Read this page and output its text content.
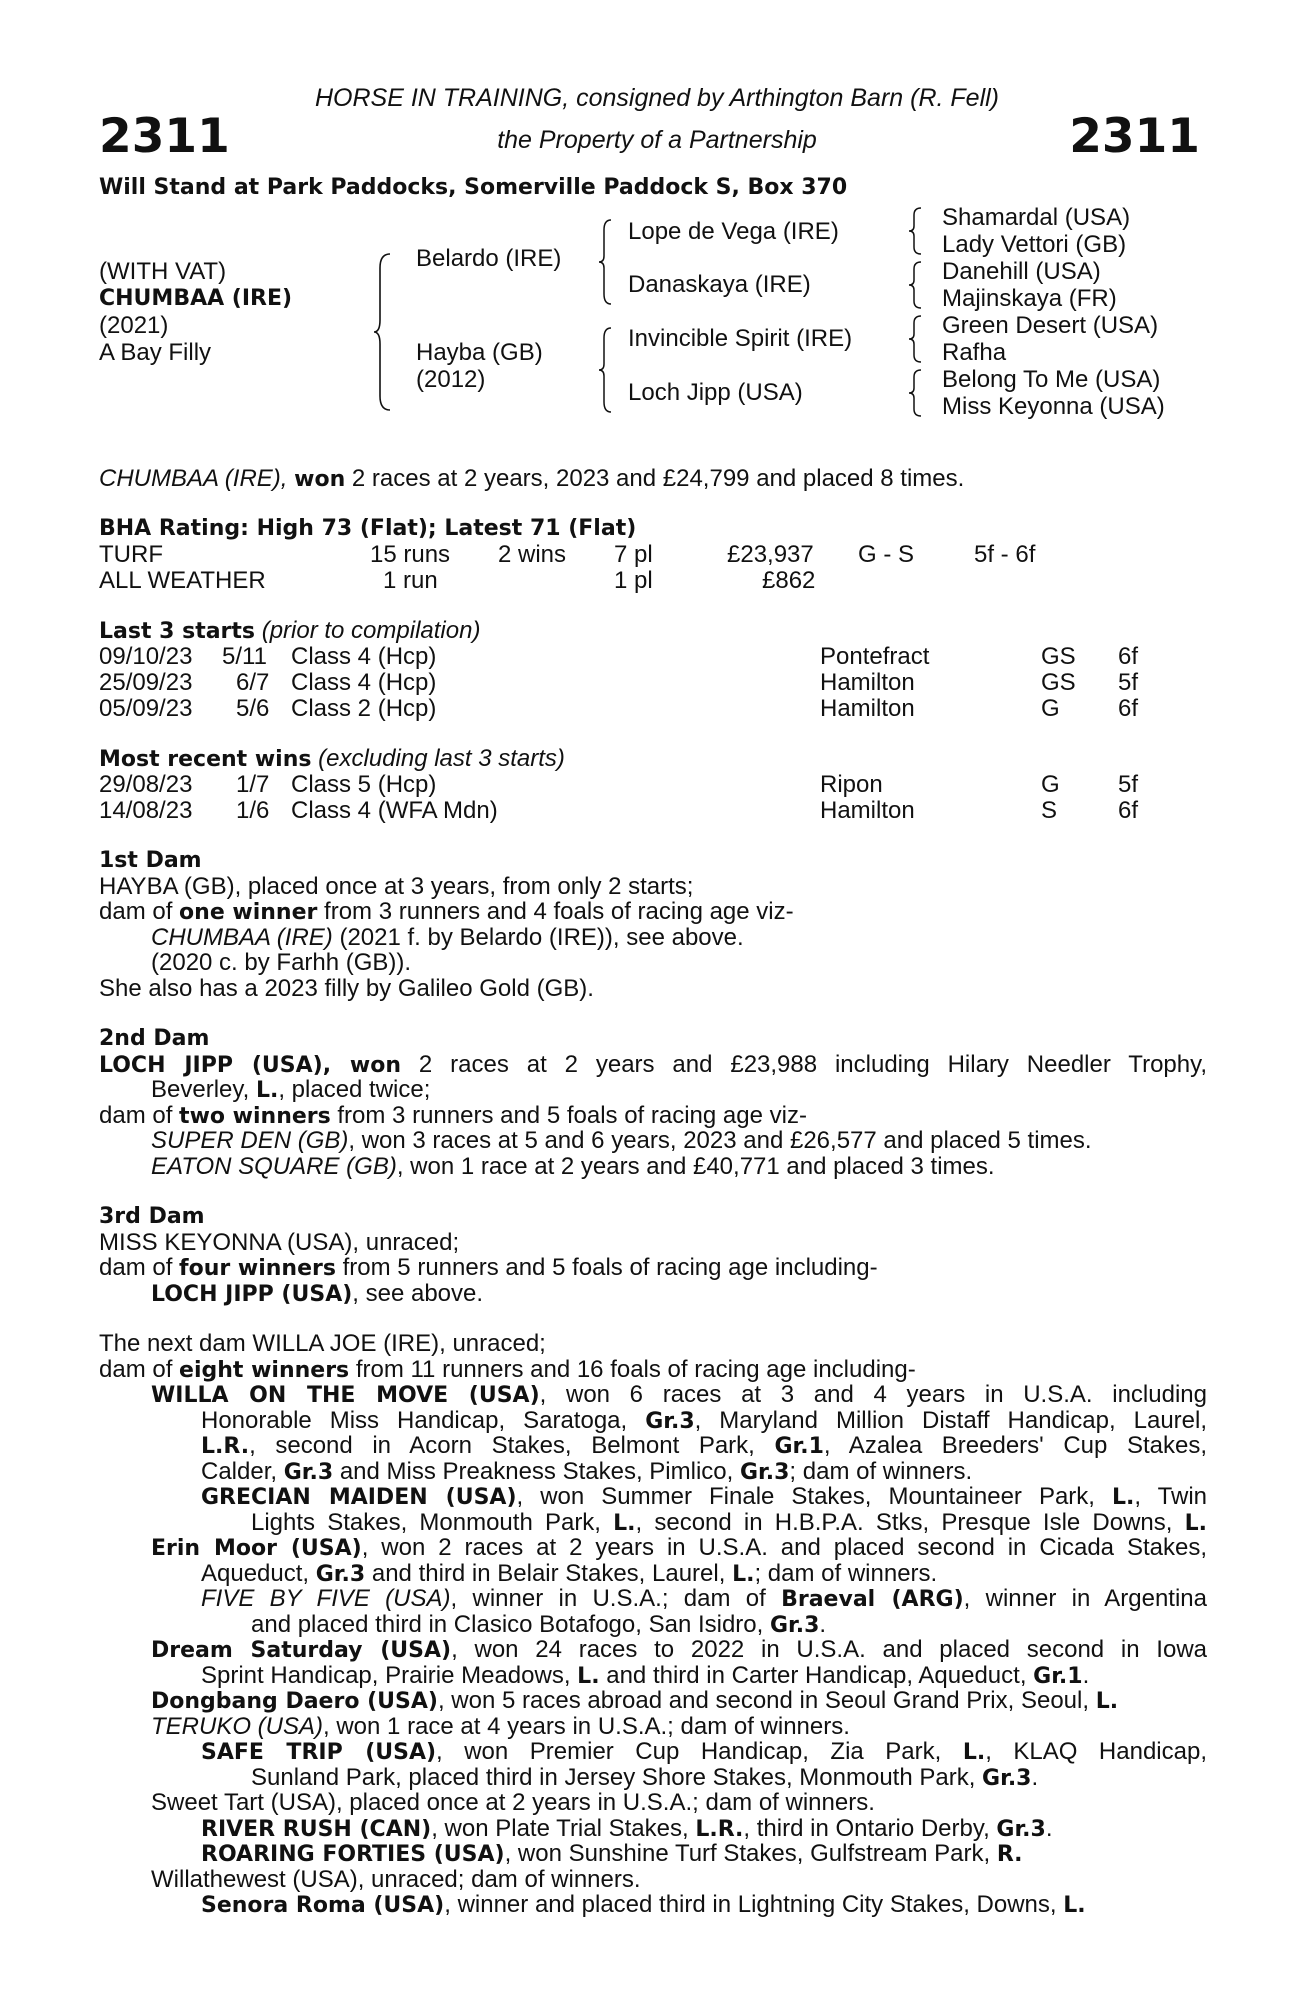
2311	2311
HORSE IN TRAINING, consigned by Arthington Barn (R. Fell)
the Property of a Partnership
Will Stand at Park Paddocks, Somerville Paddock S, Box 370
(WITH VAT)
CHUMBAA (IRE)
(2021)
A Bay Filly
Belardo (IRE)
Hayba (GB)
(2012)
Lope de Vega (IRE)
Danaskaya (IRE)
Invincible Spirit (IRE)
Loch Jipp (USA)
Shamardal (USA)
Lady Vettori (GB)
Danehill (USA)
Majinskaya (FR)
Green Desert (USA)
Rafha
Belong To Me (USA)
Miss Keyonna (USA)
CHUMBAA (IRE), won 2 races at 2 years, 2023 and £24,799 and placed 8 times.
BHA Rating: High 73 (Flat); Latest 71 (Flat)
TURF	15 runs 2 wins 7 pl	£23,937 G - S 5f - 6f
ALL WEATHER	1 run	1 pl	£862
Last 3 starts (prior to compilation)
09/10/23 5/11 Class 4 (Hcp)	Pontefract	GS 6f
25/09/23 6/7 Class 4 (Hcp)	Hamilton	GS 5f
05/09/23 5/6 Class 2 (Hcp)	Hamilton	G 6f
Most recent wins (excluding last 3 starts)
29/08/23 1/7 Class 5 (Hcp)	Ripon	G 5f
14/08/23 1/6 Class 4 (WFA Mdn)	Hamilton	S	6f
1st Dam
HAYBA (GB), placed once at 3 years, from only 2 starts;
dam of one winner from 3 runners and 4 foals of racing age viz-
CHUMBAA (IRE) (2021 f. by Belardo (IRE)), see above.
(2020 c. by Farhh (GB)).
She also has a 2023 filly by Galileo Gold (GB).
2nd Dam
LOCH JIPP (USA), won 2 races at 2 years and £23,988 including Hilary Needler Trophy,
Beverley, L., placed twice;
dam of two winners from 3 runners and 5 foals of racing age viz-
SUPER DEN (GB), won 3 races at 5 and 6 years, 2023 and £26,577 and placed 5 times.
EATON SQUARE (GB), won 1 race at 2 years and £40,771 and placed 3 times.
3rd Dam
MISS KEYONNA (USA), unraced;
dam of four winners from 5 runners and 5 foals of racing age including-
LOCH JIPP (USA), see above.
The next dam WILLA JOE (IRE), unraced;
dam of eight winners from 11 runners and 16 foals of racing age including-
WILLA ON THE MOVE (USA), won 6 races at 3 and 4 years in U.S.A. including
Honorable Miss Handicap, Saratoga, Gr.3, Maryland Million Distaff Handicap, Laurel,
L.R., second in Acorn Stakes, Belmont Park, Gr.1, Azalea Breeders' Cup Stakes,
Calder, Gr.3 and Miss Preakness Stakes, Pimlico, Gr.3; dam of winners.
GRECIAN MAIDEN (USA), won Summer Finale Stakes, Mountaineer Park, L., Twin
Lights Stakes, Monmouth Park, L., second in H.B.P.A. Stks, Presque Isle Downs, L.
Erin Moor (USA), won 2 races at 2 years in U.S.A. and placed second in Cicada Stakes,
Aqueduct, Gr.3 and third in Belair Stakes, Laurel, L.; dam of winners.
FIVE BY FIVE (USA), winner in U.S.A.; dam of Braeval (ARG), winner in Argentina
and placed third in Clasico Botafogo, San Isidro, Gr.3.
Dream Saturday (USA), won 24 races to 2022 in U.S.A. and placed second in Iowa
Sprint Handicap, Prairie Meadows, L. and third in Carter Handicap, Aqueduct, Gr.1.
Dongbang Daero (USA), won 5 races abroad and second in Seoul Grand Prix, Seoul, L.
TERUKO (USA), won 1 race at 4 years in U.S.A.; dam of winners.
SAFE TRIP (USA), won Premier Cup Handicap, Zia Park, L., KLAQ Handicap,
Sunland Park, placed third in Jersey Shore Stakes, Monmouth Park, Gr.3.
Sweet Tart (USA), placed once at 2 years in U.S.A.; dam of winners.
RIVER RUSH (CAN), won Plate Trial Stakes, L.R., third in Ontario Derby, Gr.3.
ROARING FORTIES (USA), won Sunshine Turf Stakes, Gulfstream Park, R.
Willathewest (USA), unraced; dam of winners.
Senora Roma (USA), winner and placed third in Lightning City Stakes, Downs, L.
